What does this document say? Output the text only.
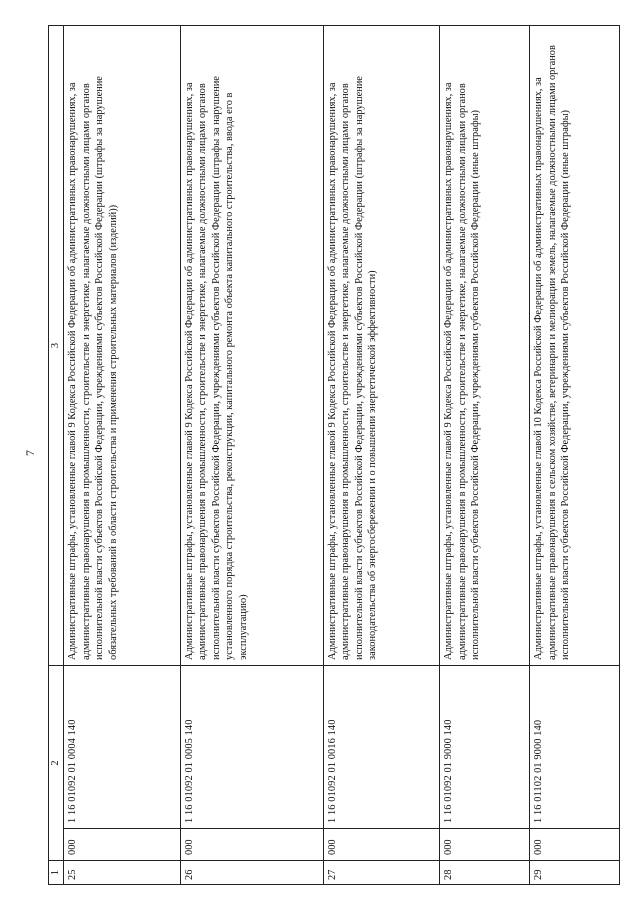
7
1	2		3
25	000	1 16 01092 01 0004 140	Административные штрафы, установленные главой 9 Кодекса Российской Федерации об административных правонарушениях, за административные правонарушения в промышленности, строительстве и энергетике, налагаемые должностными лицами органов исполнительной власти субъектов Российской Федерации, учреждениями субъектов Российской Федерации (штрафы за нарушение обязательных требований в области строительства и применения строительных материалов (изделий))
26	000	1 16 01092 01 0005 140	Административные штрафы, установленные главой 9 Кодекса Российской Федерации об административных правонарушениях, за административные правонарушения в промышленности, строительстве и энергетике, налагаемые должностными лицами органов исполнительной власти субъектов Российской Федерации, учреждениями субъектов Российской Федерации (штрафы за нарушение установленного порядка строительства, реконструкции, капитального ремонта объекта капитального строительства, ввода его в эксплуатацию)
27	000	1 16 01092 01 0016 140	Административные штрафы, установленные главой 9 Кодекса Российской Федерации об административных правонарушениях, за административные правонарушения в промышленности, строительстве и энергетике, налагаемые должностными лицами органов исполнительной власти субъектов Российской Федерации, учреждениями субъектов Российской Федерации (штрафы за нарушение законодательства об энергосбережении и о повышении энергетической эффективности)
28	000	1 16 01092 01 9000 140	Административные штрафы, установленные главой 9 Кодекса Российской Федерации об административных правонарушениях, за административные правонарушения в промышленности, строительстве и энергетике, налагаемые должностными лицами органов исполнительной власти субъектов Российской Федерации, учреждениями субъектов Российской Федерации (иные штрафы)
29	000	1 16 01102 01 9000 140	Административные штрафы, установленные главой 10 Кодекса Российской Федерации об административных правонарушениях, за административные правонарушения в сельском хозяйстве, ветеринарии и мелиорации земель, налагаемые должностными лицами органов исполнительной власти субъектов Российской Федерации, учреждениями субъектов Российской Федерации (иные штрафы)
